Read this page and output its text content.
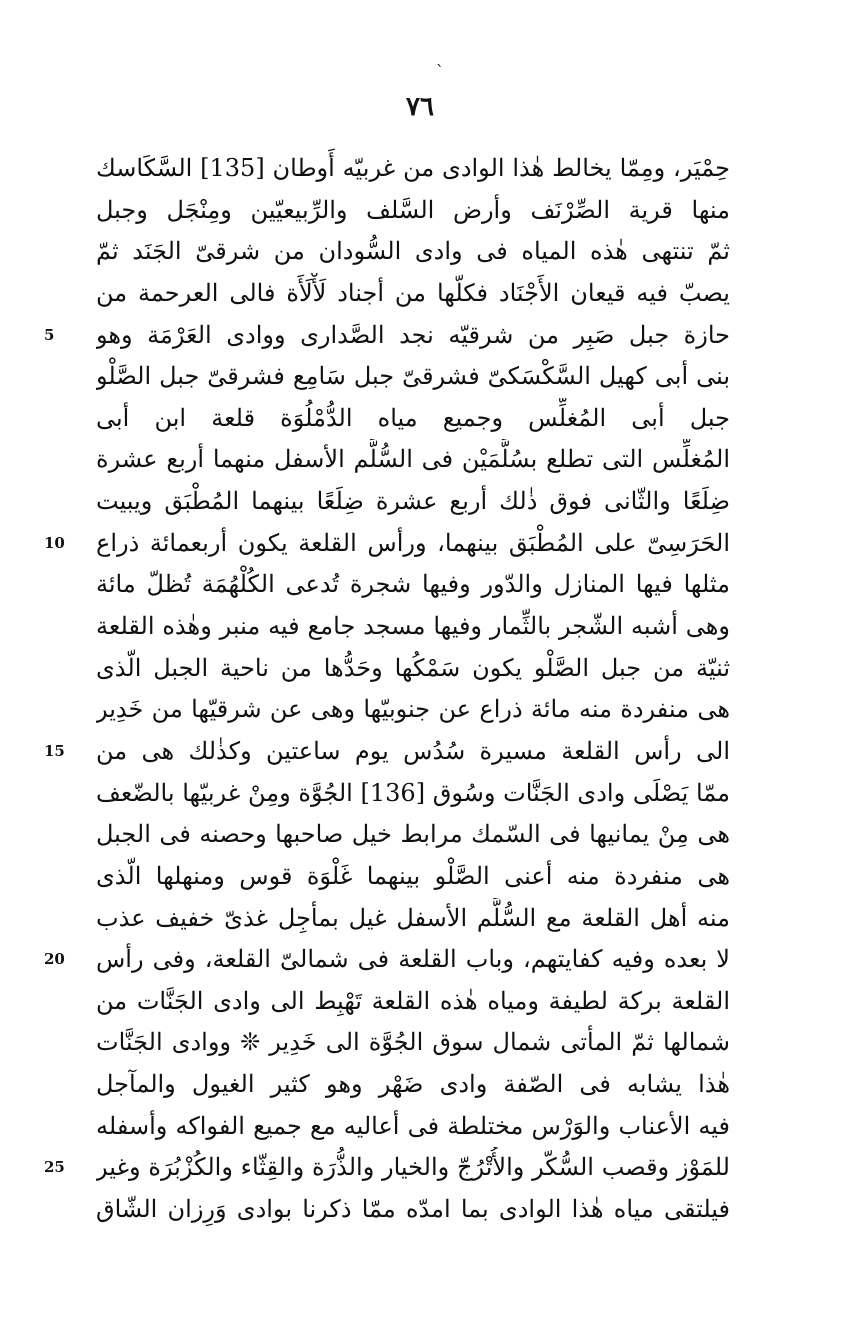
`
٧٦
حِمْيَر، ومِمّا يخالط هٰذا الوادى من غربيّه أَوطان [135] السَّكَاسك
منها قرية الصِّرْنَف وأرض السَّلف والرِّبيعيّين ومِنْجَل وجبل
ثمّ تنتهى هٰذه المياه فى وادى السُّودان من شرقىّ الجَنَد ثمّ
يصبّ فيه قيعان الأَجْنَاد فكلّها من أجناد لَأْلَأَة فالى العرحمة من
5	حازة جبل صَبِر من شرقيّه نجد الصَّدارى ووادى العَرْمَة وهو
بنى أبى كهيل السَّكْسَكىّ فشرقىّ جبل سَامِع فشرقىّ جبل الصَّلْو
جبل أبى المُغلِّس وجميع مياه الدُّمْلُوَة قلعة ابن أبى
المُغلِّس التى تطلع بسُلَّمَيْن فى السُّلَّم الأسفل منهما أربع عشرة
ضِلَعًا والثّانى فوق ذٰلك أربع عشرة ضِلَعًا بينهما المُطْبَق ويبيت
10	الحَرَسِىّ على المُطْبَق بينهما، ورأس القلعة يكون أربعمائة ذراع
مثلها فيها المنازل والدّور وفيها شجرة تُدعى الكُلْهُمَة تُظلّ مائة
وهى أشبه الشّجر بالثِّمار وفيها مسجد جامع فيه منبر وهٰذه القلعة
ثنيّة من جبل الصَّلْو يكون سَمْكُها وحَدُّها من ناحية الجبل الّذى
هى منفردة منه مائة ذراع عن جنوبيّها وهى عن شرقيّها من خَدِير
15	الى رأس القلعة مسيرة سُدُس يوم ساعتين وكذٰلك هى من
ممّا يَصْلَى وادى الجَنَّات وسُوق [136] الجُوَّة ومِنْ غربيّها بالضّعف
هى مِنْ يمانيها فى السّمك مرابط خيل صاحبها وحصنه فى الجبل
هى منفردة منه أعنى الصَّلْو بينهما غَلْوَة قوس ومنهلها الّذى
منه أهل القلعة مع السُّلَّم الأسفل غيل بمأجِل غذىّ خفيف عذب
20	لا بعده وفيه كفايتهم، وباب القلعة فى شمالىّ القلعة، وفى رأس
القلعة بركة لطيفة ومياه هٰذه القلعة تَهْبِط الى وادى الجَنَّات من
شمالها ثمّ المأتى شمال سوق الجُوَّة الى خَدِير ❊ ووادى الجَنَّات
هٰذا يشابه فى الصّفة وادى ضَهْر وهو كثير الغيول والمآجل
فيه الأعناب والوَرْس مختلطة فى أعاليه مع جميع الفواكه وأسفله
25	للمَوْز وقصب السُّكّر والأُتْرُجّ والخيار والذُّرَة والقِثّاء والكُزْبُرَة وغير
فيلتقى مياه هٰذا الوادى بما امدّه ممّا ذكرنا بوادى وَرِزان الشّاق
